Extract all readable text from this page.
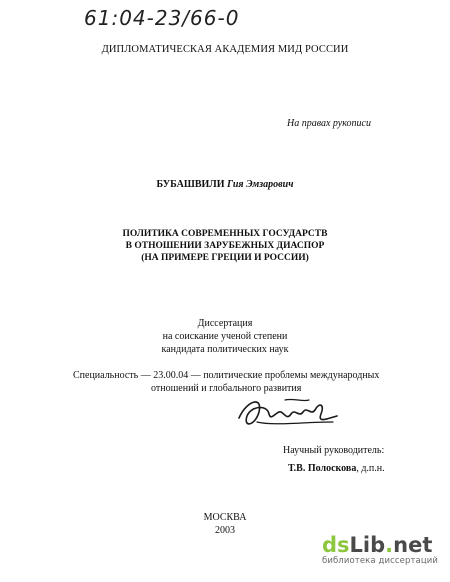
61:04-23/66-0
ДИПЛОМАТИЧЕСКАЯ АКАДЕМИЯ МИД РОССИИ
На правах рукописи
БУБАШВИЛИ Гия Эмзарович
ПОЛИТИКА СОВРЕМЕННЫХ ГОСУДАРСТВ
В ОТНОШЕНИИ ЗАРУБЕЖНЫХ ДИАСПОР
(НА ПРИМЕРЕ ГРЕЦИИ И РОССИИ)
Диссертация
на соискание ученой степени
кандидата политических наук
Специальность — 23.00.04 — политические проблемы международных
отношений и глобального развития
Научный руководитель:
Т.В. Полоскова, д.п.н.
МОСКВА
2003
ds Lib . net
библиотека диссертаций
